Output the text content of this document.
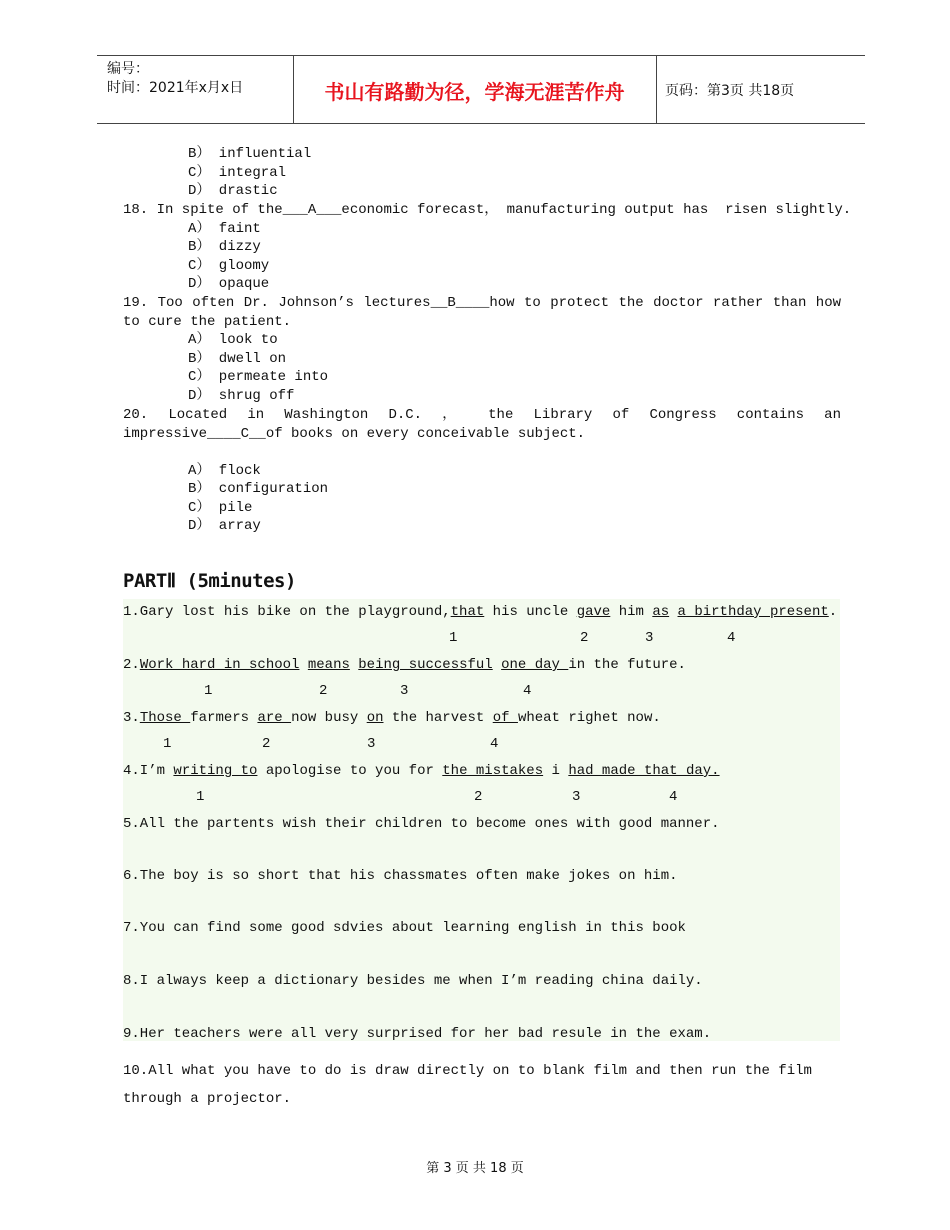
编号：
时间：2021年x月x日	书山有路勤为径，学海无涯苦作舟	页码：第3页 共18页
B） influential
C） integral
D） drastic
18. In spite of the___A___economic forecast， manufacturing output has  risen slightly.
A） faint
B） dizzy
C） gloomy
D） opaque
19. Too often Dr. Johnson’s lectures__B____how to protect the doctor rather than how
to cure the patient.
A） look to
B） dwell on
C） permeate into
D） shrug off
20. Located in Washington D.C. ， the Library of Congress contains an
impressive____C__of books on every conceivable subject.
A） flock
B） configuration
C） pile
D） array
PARTⅡ (5minutes)
1.Gary lost his bike on the playground,that his uncle gave him as a birthday present.
1	2	3	4
2.Work hard in school means being successful one day in the future.
1	2	3	4
3.Those farmers are now busy on the harvest of wheat righet now.
1	2	3	4
4.I’m writing to apologise to you for the mistakes i had made that day.
1	2	3	4
5.All the partents wish their children to become ones with good manner.
6.The boy is so short that his chassmates often make jokes on him.
7.You can find some good sdvies about learning english in this book
8.I always keep a dictionary besides me when I’m reading china daily.
9.Her teachers were all very surprised for her bad resule in the exam.
10.All what you have to do is draw directly on to blank film and then run the film
through a projector.
第 3 页 共 18 页
